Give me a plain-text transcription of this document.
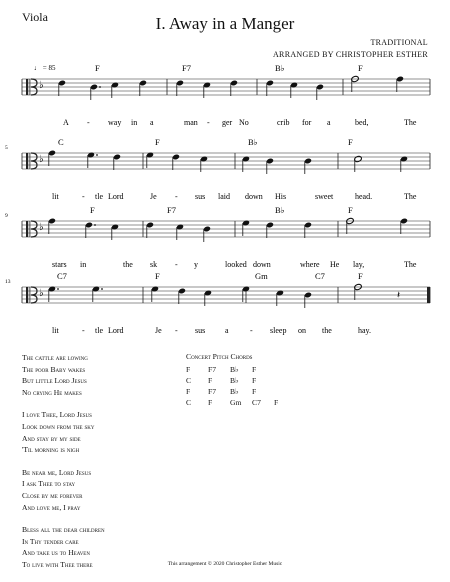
Viola	I. Away in a Manger
TRADITIONAL
ARRANGED BY CHRISTOPHER ESTHER
♭
♩ = 85	F	F7	B♭	F
A - way in a	man - ger No	crib for a	bed,	The
♭
5
C	F	B♭	F
lit	- tle Lord	Je - sus laid down His	sweet	head.	The
♭
9
F	F7	B♭	F
stars in	the sk - y	looked down	where He lay,	The
♭
13
C7	F	Gm	C7	F
𝄽
lit	- tle Lord	Je - sus a	- sleep on the	hay.
The cattle are lowing
The poor Baby wakes
But little Lord Jesus
No crying He makes
I love Thee, Lord Jesus
Look down from the sky
And stay by my side
'Til morning is nigh
Be near me, Lord Jesus
I ask Thee to stay
Close by me forever
And love me, I pray
Bless all the dear children
In Thy tender care
And take us to Heaven
To live with Thee there
Concert Pitch Chords
F	F7	B♭	F	
C	F	B♭	F	
F	F7	B♭	F	
C	F	Gm	C7	F
This arrangement © 2020 Christopher Esther Music
